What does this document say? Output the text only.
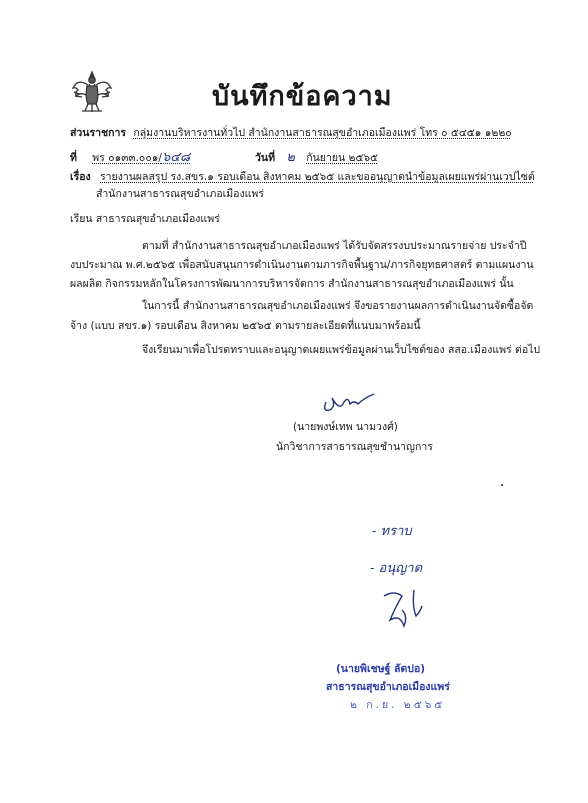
บันทึกข้อความ
ส่วนราชการ กลุ่มงานบริหารงานทั่วไป สำนักงานสาธารณสุขอำเภอเมืองแพร่ โทร ๐ ๕๔๕๑ ๑๒๒๐
ที่ พร ๐๑๓๓.๐๐๑/๖๔๘	วันที่ ๒ กันยายน ๒๕๖๕
เรื่อง รายงานผลสรุป รง.สขร.๑ รอบเดือน สิงหาคม ๒๕๖๕ และขออนุญาตนำข้อมูลเผยแพร่ผ่านเวปไซต์
สำนักงานสาธารณสุขอำเภอเมืองแพร่
เรียน สาธารณสุขอำเภอเมืองแพร่
ตามที่ สำนักงานสาธารณสุขอำเภอเมืองแพร่ ได้รับจัดสรรงบประมาณรายจ่าย ประจำปี
งบประมาณ พ.ศ.๒๕๖๕ เพื่อสนับสนุนการดำเนินงานตามภารกิจพื้นฐาน/ภารกิจยุทธศาสตร์ ตามแผนงาน
ผลผลิต กิจกรรมหลักในโครงการพัฒนาการบริหารจัดการ สำนักงานสาธารณสุขอำเภอเมืองแพร่ นั้น
ในการนี้ สำนักงานสาธารณสุขอำเภอเมืองแพร่ จึงขอรายงานผลการดำเนินงานจัดซื้อจัด
จ้าง (แบบ สขร.๑) รอบเดือน สิงหาคม ๒๕๖๕ ตามรายละเอียดที่แนบมาพร้อมนี้
จึงเรียนมาเพื่อโปรดทราบและอนุญาตเผยแพร่ข้อมูลผ่านเว็บไซต์ของ สสอ.เมืองแพร่ ต่อไป
(นายพงษ์เทพ นามวงศ์)
นักวิชาการสาธารณสุขชำนาญการ
- ทราบ
- อนุญาต
(นายพิเชษฐ์ ลัดปอ)
สาธารณสุขอำเภอเมืองแพร่
๒ ก.ย. ๒๕๖๕
